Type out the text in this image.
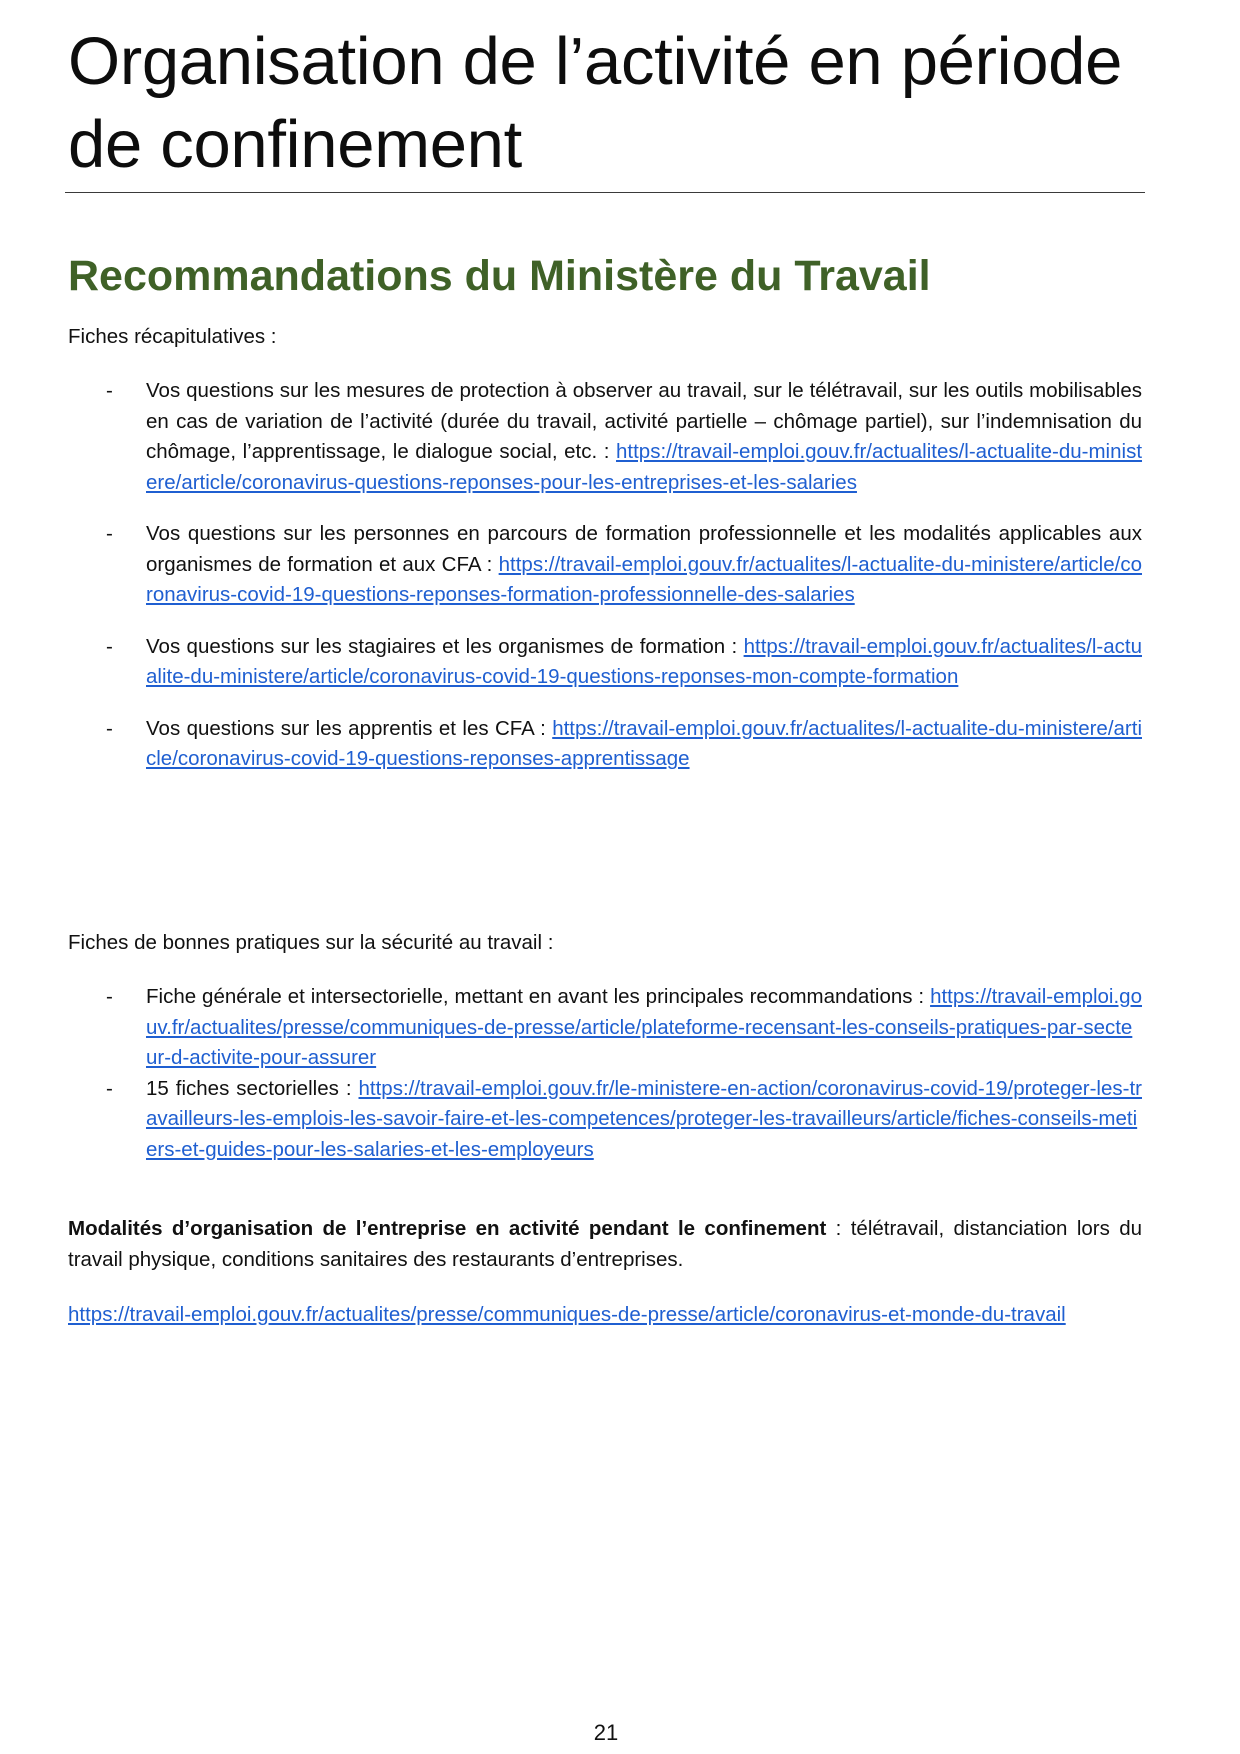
Organisation de l’activité en période de confinement
Recommandations du Ministère du Travail

Fiches récapitulatives :

- Vos questions sur les mesures de protection à observer au travail, sur le télétravail, sur les outils mobilisables en cas de variation de l’activité (durée du travail, activité partielle – chômage partiel), sur l’indemnisation du chômage, l’apprentissage, le dialogue social, etc. : https://travail-emploi.gouv.fr/actualites/l-actualite-du-ministere/article/coronavirus-questions-reponses-pour-les-entreprises-et-les-salaries
- Vos questions sur les personnes en parcours de formation professionnelle et les modalités applicables aux organismes de formation et aux CFA : https://travail-emploi.gouv.fr/actualites/l-actualite-du-ministere/article/coronavirus-covid-19-questions-reponses-formation-professionnelle-des-salaries
- Vos questions sur les stagiaires et les organismes de formation : https://travail-emploi.gouv.fr/actualites/l-actualite-du-ministere/article/coronavirus-covid-19-questions-reponses-mon-compte-formation
- Vos questions sur les apprentis et les CFA : https://travail-emploi.gouv.fr/actualites/l-actualite-du-ministere/article/coronavirus-covid-19-questions-reponses-apprentissage

Fiches de bonnes pratiques sur la sécurité au travail :

- Fiche générale et intersectorielle, mettant en avant les principales recommandations : https://travail-emploi.gouv.fr/actualites/presse/communiques-de-presse/article/plateforme-recensant-les-conseils-pratiques-par-secteur-d-activite-pour-assurer
- 15 fiches sectorielles : https://travail-emploi.gouv.fr/le-ministere-en-action/coronavirus-covid-19/proteger-les-travailleurs-les-emplois-les-savoir-faire-et-les-competences/proteger-les-travailleurs/article/fiches-conseils-metiers-et-guides-pour-les-salaries-et-les-employeurs

Modalités d’organisation de l’entreprise en activité pendant le confinement : télétravail, distanciation lors du travail physique, conditions sanitaires des restaurants d’entreprises.

https://travail-emploi.gouv.fr/actualites/presse/communiques-de-presse/article/coronavirus-et-monde-du-travail

21
